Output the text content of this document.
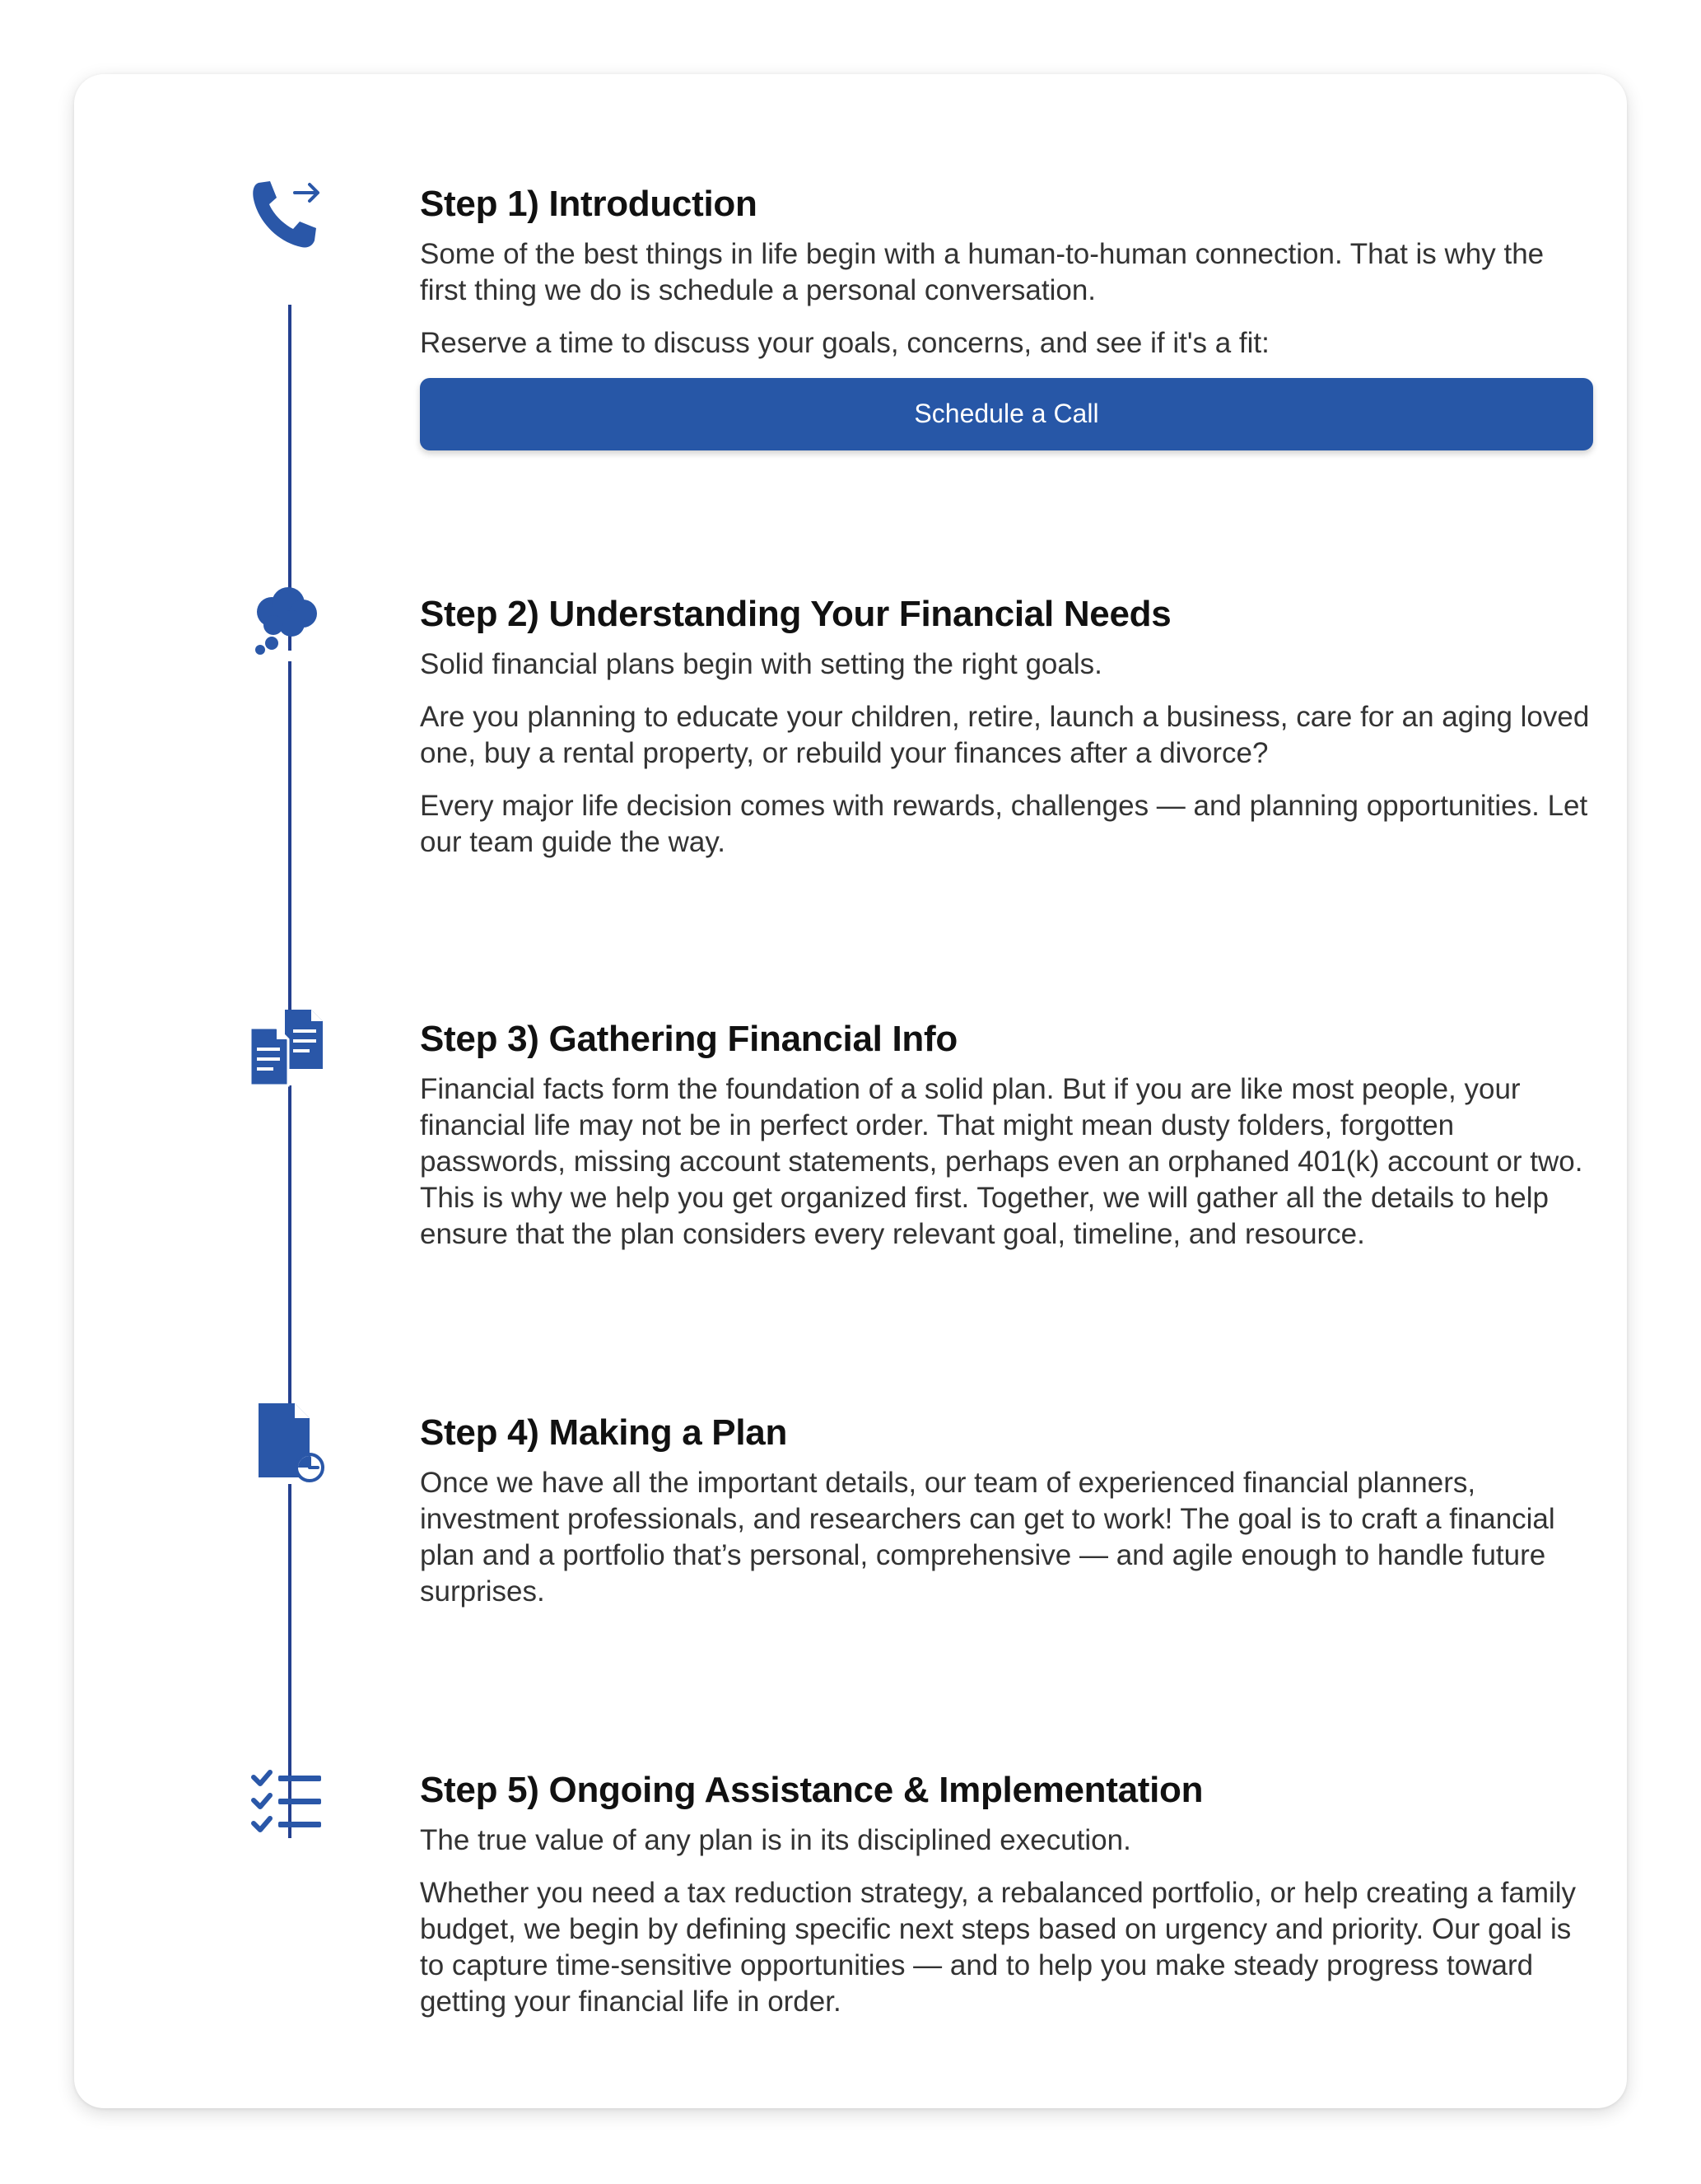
Step 1) Introduction

Some of the best things in life begin with a human-to-human connection. That is why the first thing we do is schedule a personal conversation.

Reserve a time to discuss your goals, concerns, and see if it's a fit:

Schedule a Call
Step 2) Understanding Your Financial Needs

Solid financial plans begin with setting the right goals.

Are you planning to educate your children, retire, launch a business, care for an aging loved one, buy a rental property, or rebuild your finances after a divorce?

Every major life decision comes with rewards, challenges — and planning opportunities. Let our team guide the way.

Step 3) Gathering Financial Info

Financial facts form the foundation of a solid plan. But if you are like most people, your financial life may not be in perfect order. That might mean dusty folders, forgotten passwords, missing account statements, perhaps even an orphaned 401(k) account or two. This is why we help you get organized first. Together, we will gather all the details to help ensure that the plan considers every relevant goal, timeline, and resource.

Step 4) Making a Plan

Once we have all the important details, our team of experienced financial planners, investment professionals, and researchers can get to work! The goal is to craft a financial plan and a portfolio that’s personal, comprehensive — and agile enough to handle future surprises.

Step 5) Ongoing Assistance & Implementation

The true value of any plan is in its disciplined execution.

Whether you need a tax reduction strategy, a rebalanced portfolio, or help creating a family budget, we begin by defining specific next steps based on urgency and priority. Our goal is to capture time-sensitive opportunities — and to help you make steady progress toward getting your financial life in order.
